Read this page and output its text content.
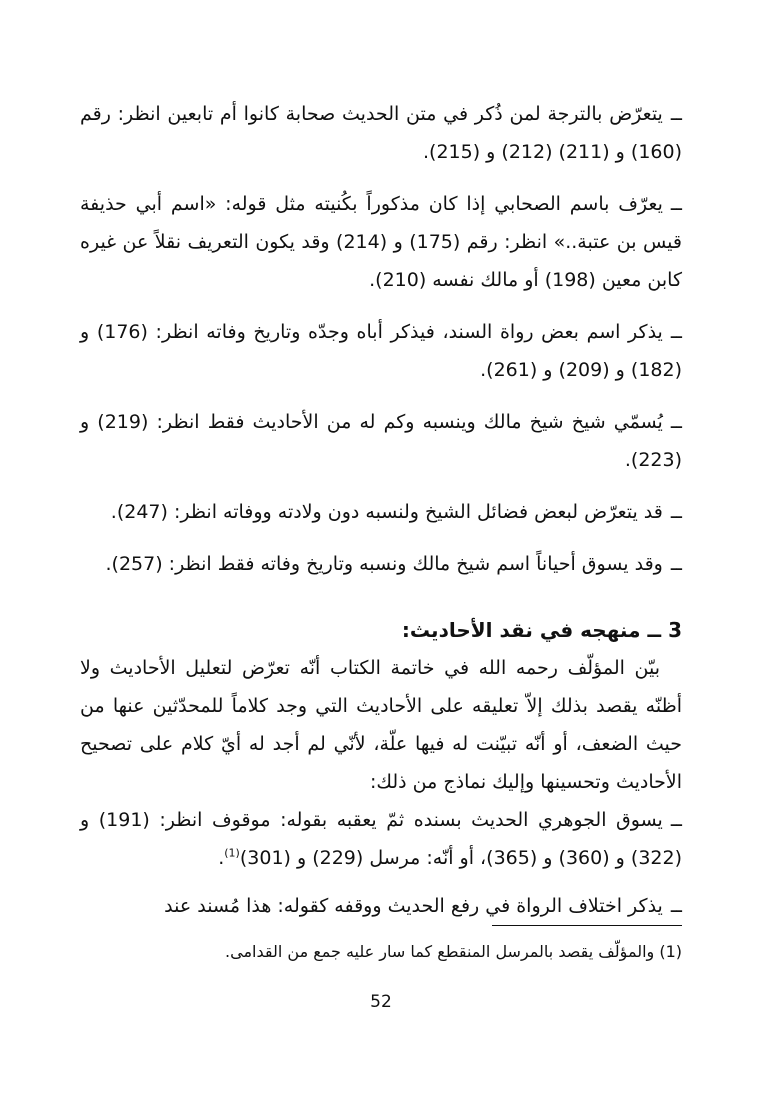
ــيتعرّض بالترجة لمن ذُكر في متن الحديث صحابة كانوا أم تابعين انظر: رقم (160) و (211) (212) و (215).
ــيعرّف باسم الصحابي إذا كان مذكوراً بكُنيته مثل قوله: «اسم أبي حذيفة قيس بن عتبة..» انظر: رقم (175) و (214) وقد يكون التعريف نقلاً عن غيره كابن معين (198) أو مالك نفسه (210).
ــيذكر اسم بعض رواة السند، فيذكر أباه وجدّه وتاريخ وفاته انظر: (176) و (182) و (209) و (261).
ــيُسمّي شيخ شيخ مالك وينسبه وكم له من الأحاديث فقط انظر: (219) و (223).
ــقد يتعرّض لبعض فضائل الشيخ ولنسبه دون ولادته ووفاته انظر: (247).
ــوقد يسوق أحياناً اسم شيخ مالك ونسبه وتاريخ وفاته فقط انظر: (257).
3 ــ منهجه في نقد الأحاديث:

بيّن المؤلّف رحمه الله في خاتمة الكتاب أنّه تعرّض لتعليل الأحاديث ولا أظنّه يقصد بذلك إلاّ تعليقه على الأحاديث التي وجد كلاماً للمحدّثين عنها من حيث الضعف، أو أنّه تبيّنت له فيها علّة، لأنّي لم أجد له أيّ كلام على تصحيح الأحاديث وتحسينها وإليك نماذج من ذلك:

ــيسوق الجوهري الحديث بسنده ثمّ يعقبه بقوله: موقوف انظر: (191) و (322) و (360) و (365)، أو أنّه: مرسل (229) و $(301)^{(1)}$.
ــيذكر اختلاف الرواة في رفع الحديث ووقفه كقوله: هذا مُسند عند
(1) والمؤلّف يقصد بالمرسل المنقطع كما سار عليه جمع من القدامى.
52
